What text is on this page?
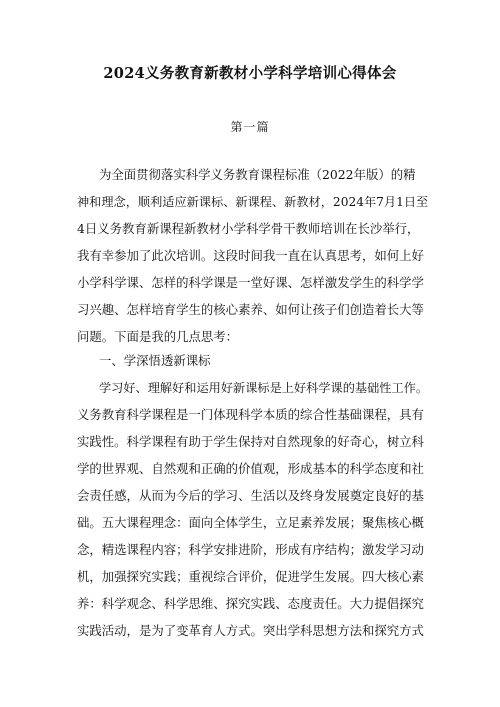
2024义务教育新教材小学科学培训心得体会
第一篇
为全面贯彻落实科学义务教育课程标准（2022年版）的精
神和理念，顺利适应新课标、新课程、新教材，2024年7月1日至
4日义务教育新课程新教材小学科学骨干教师培训在长沙举行，
我有幸参加了此次培训。这段时间我一直在认真思考，如何上好
小学科学课、怎样的科学课是一堂好课、怎样激发学生的科学学
习兴趣、怎样培育学生的核心素养、如何让孩子们创造着长大等
问题。下面是我的几点思考：
一、学深悟透新课标
学习好、理解好和运用好新课标是上好科学课的基础性工作。
义务教育科学课程是一门体现科学本质的综合性基础课程，具有
实践性。科学课程有助于学生保持对自然现象的好奇心，树立科
学的世界观、自然观和正确的价值观，形成基本的科学态度和社
会责任感，从而为今后的学习、生活以及终身发展奠定良好的基
础。五大课程理念：面向全体学生，立足素养发展；聚焦核心概
念，精选课程内容；科学安排进阶，形成有序结构；激发学习动
机，加强探究实践；重视综合评价，促进学生发展。四大核心素
养：科学观念、科学思维、探究实践、态度责任。大力提倡探究
实践活动，是为了变革育人方式。突出学科思想方法和探究方式
